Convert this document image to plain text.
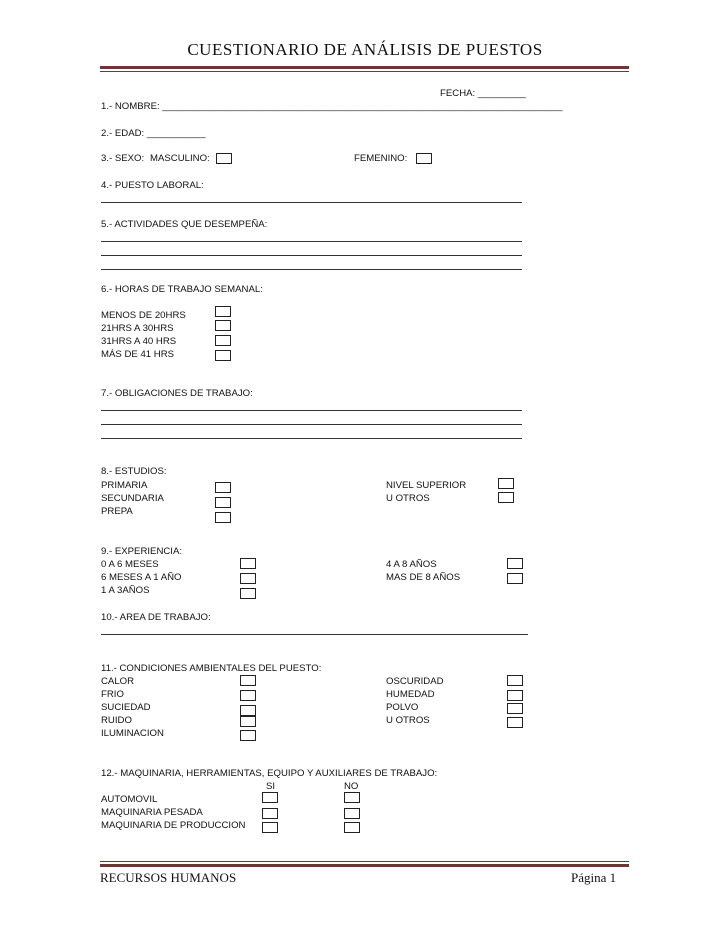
CUESTIONARIO DE ANÁLISIS DE PUESTOS
FECHA: _________
1.- NOMBRE: ___________________________________________________________________________
2.- EDAD: ___________
3.- SEXO: MASCULINO:	FEMENINO:
4.- PUESTO LABORAL:
5.- ACTIVIDADES QUE DESEMPEÑA:
6.- HORAS DE TRABAJO SEMANAL:
MENOS DE 20HRS
21HRS A 30HRS
31HRS A 40 HRS
MÁS DE 41 HRS
7.- OBLIGACIONES DE TRABAJO:
8.- ESTUDIOS:
PRIMARIA
SECUNDARIA
PREPA
NIVEL SUPERIOR
U OTROS
9.- EXPERIENCIA:
0 A 6 MESES
6 MESES A 1 AÑO
1 A 3AÑOS
4 A 8 AÑOS
MAS DE 8 AÑOS
10.- AREA DE TRABAJO:
11.- CONDICIONES AMBIENTALES DEL PUESTO:
CALOR
FRIO
SUCIEDAD
RUIDO
ILUMINACION
OSCURIDAD
HUMEDAD
POLVO
U OTROS
12.- MAQUINARIA, HERRAMIENTAS, EQUIPO Y AUXILIARES DE TRABAJO:
SI	NO
AUTOMOVIL
MAQUINARIA PESADA
MAQUINARIA DE PRODUCCION
RECURSOS HUMANOS	Página 1
